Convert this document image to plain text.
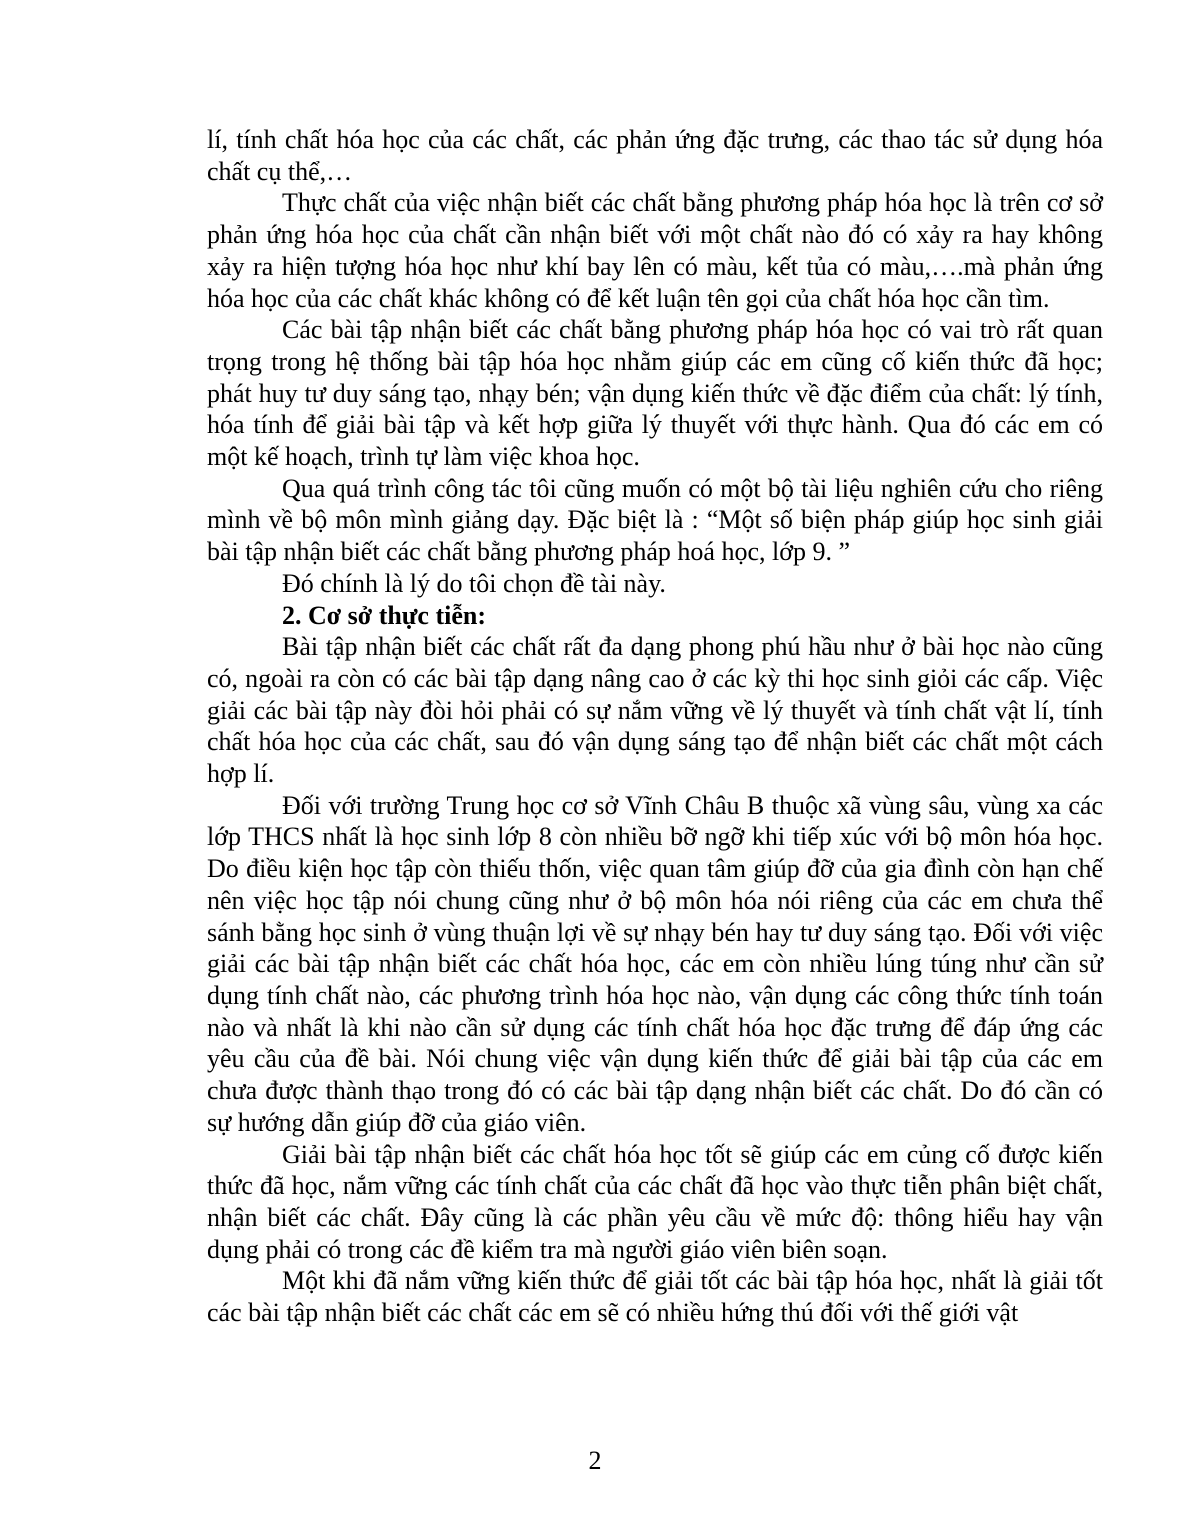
lí, tính chất hóa học của các chất, các phản ứng đặc trưng, các thao tác sử dụng hóa chất cụ thể,…

Thực chất của việc nhận biết các chất bằng phương pháp hóa học là trên cơ sở phản ứng hóa học của chất cần nhận biết với một chất nào đó có xảy ra hay không xảy ra hiện tượng hóa học như khí bay lên có màu, kết tủa có màu,….mà phản ứng hóa học của các chất khác không có để kết luận tên gọi của chất hóa học cần tìm.

Các bài tập nhận biết các chất bằng phương pháp hóa học có vai trò rất quan trọng trong hệ thống bài tập hóa học nhằm giúp các em cũng cố kiến thức đã học; phát huy tư duy sáng tạo, nhạy bén; vận dụng kiến thức về đặc điểm của chất: lý tính, hóa tính để giải bài tập và kết hợp giữa lý thuyết với thực hành. Qua đó các em có một kế hoạch, trình tự làm việc khoa học.

Qua quá trình công tác tôi cũng muốn có một bộ tài liệu nghiên cứu cho riêng mình về bộ môn mình giảng dạy. Đặc biệt là : “Một số biện pháp giúp học sinh giải bài tập nhận biết các chất bằng phương pháp hoá học, lớp 9. ”

Đó chính là lý do tôi chọn đề tài này.

2. Cơ sở thực tiễn:

Bài tập nhận biết các chất rất đa dạng phong phú hầu như ở bài học nào cũng có, ngoài ra còn có các bài tập dạng nâng cao ở các kỳ thi học sinh giỏi các cấp. Việc giải các bài tập này đòi hỏi phải có sự nắm vững về lý thuyết và tính chất vật lí, tính chất hóa học của các chất, sau đó vận dụng sáng tạo để nhận biết các chất một cách hợp lí.

Đối với trường Trung học cơ sở Vĩnh Châu B thuộc xã vùng sâu, vùng xa các lớp THCS nhất là học sinh lớp 8 còn nhiều bỡ ngỡ khi tiếp xúc với bộ môn hóa học. Do điều kiện học tập còn thiếu thốn, việc quan tâm giúp đỡ của gia đình còn hạn chế nên việc học tập nói chung cũng như ở bộ môn hóa nói riêng của các em chưa thể sánh bằng học sinh ở vùng thuận lợi về sự nhạy bén hay tư duy sáng tạo. Đối với việc giải các bài tập nhận biết các chất hóa học, các em còn nhiều lúng túng như cần sử dụng tính chất nào, các phương trình hóa học nào, vận dụng các công thức tính toán nào và nhất là khi nào cần sử dụng các tính chất hóa học đặc trưng để đáp ứng các yêu cầu của đề bài. Nói chung việc vận dụng kiến thức để giải bài tập của các em chưa được thành thạo trong đó có các bài tập dạng nhận biết các chất. Do đó cần có sự hướng dẫn giúp đỡ của giáo viên.

Giải bài tập nhận biết các chất hóa học tốt sẽ giúp các em củng cố được kiến thức đã học, nắm vững các tính chất của các chất đã học vào thực tiễn phân biệt chất, nhận biết các chất. Đây cũng là các phần yêu cầu về mức độ: thông hiểu hay vận dụng phải có trong các đề kiểm tra mà người giáo viên biên soạn.

Một khi đã nắm vững kiến thức để giải tốt các bài tập hóa học, nhất là giải tốt các bài tập nhận biết các chất các em sẽ có nhiều hứng thú đối với thế giới vật

2
